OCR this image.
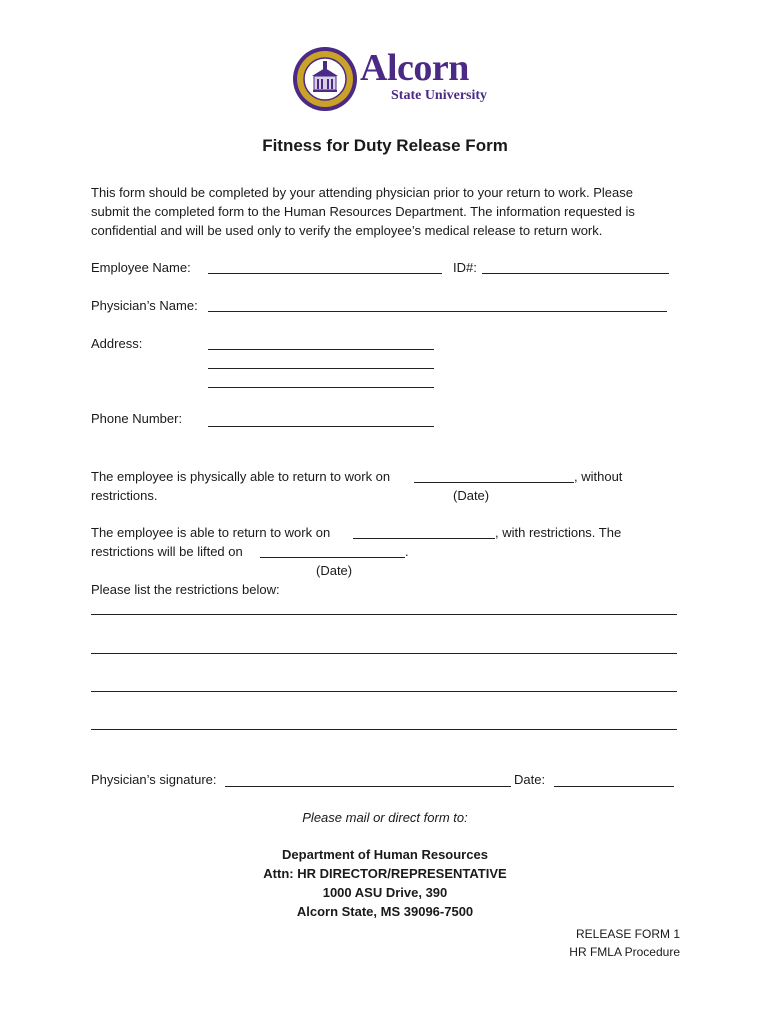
Alcorn
State University
Fitness for Duty Release Form

This form should be completed by your attending physician prior to your return to work. Please

submit the completed form to the Human Resources Department. The information requested is

confidential and will be used only to verify the employee’s medical release to return work.

Employee Name:	ID#:
Physician’s Name:
Address:
Phone Number:
The employee is physically able to return to work on	, without
restrictions.	(Date)
The employee is able to return to work on	, with restrictions. The
restrictions will be lifted on	.
(Date)
Please list the restrictions below:
Physician’s signature:	Date:
Please mail or direct form to:
Department of Human Resources
Attn: HR DIRECTOR/REPRESENTATIVE
1000 ASU Drive, 390
Alcorn State, MS 39096-7500
RELEASE FORM 1
HR FMLA Procedure
